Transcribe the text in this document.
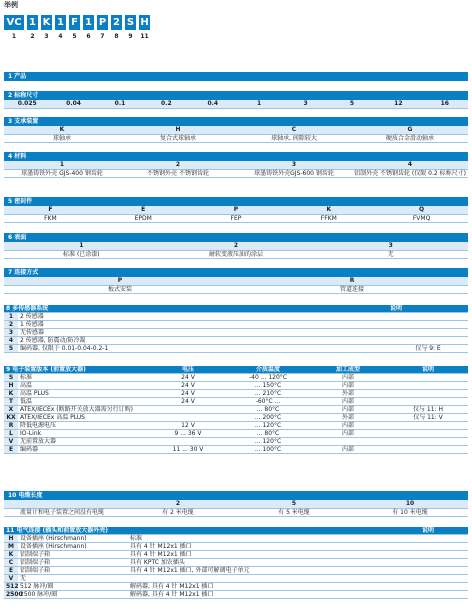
举例
VC
1
1
2
K
3
1
4
F
5
1
6
P
7
2
8
S
9
H
11
1 产品
2 标称尺寸
0.025	0.04	0.1	0.2	0.4	1	3	5	12	16
3 支承装置
K	H	C	G
球轴承	复合式球轴承	球轴承, 间隙较大	硬质合金滑动轴承
4 材料
1	2	3	4
球墨铸铁外壳 GJS-400 钢齿轮	不锈钢外壳 不锈钢齿轮	球墨铸铁外壳GJS-600 钢齿轮	铝制外壳 不锈钢齿轮 (仅限 0.2 标称尺寸)
5 密封件
F	E	P	K	Q
FKM	EPDM	FEP	FFKM	FVMQ
6 表面
1	2	3
标准 (已涂漆)	耐软变液压油的涂层	无
7 连接方式
P	R
板式安装	管道连接
8 多传感器系统		说明
1	2 传感器	
2	1 传感器	
3	无传感器	
4	2 传感器, 防震动/防冷凝	
5	编码器, 仅限于 0.01-0.04-0.2-1	仅与 9: E
9 电子装置版本 (前置放大器)		电压	介质温度	加工成型	说明
S	标准	24 V	-40 ... 120°C	内部	
H	高温	24 V	... 150°C	内部	
K	高温 PLUS	24 V	... 210°C	外部	
T	低温	24 V	-60°C ...	内部	
X	ATEX/IECEx (断路开关放大器需另行订购)		... 80°C	内部	仅与 11: H
KX	ATEX/IECEx 高温 PLUS		... 200°C	外部	仅与 11: V
R	降低电源电压	12 V	... 120°C	内部	
L	IO-Link	9 ... 36 V	... 80°C	内部	
V	无前置放大器		... 120°C		
E	编码器	11 ... 30 V	... 100°C	内部	
10 电缆长度
	2	5	10
流量计和电子装置之间没有电缆	有 2 米电缆	有 5 米电缆	有 10 米电缆
11 电气连接 (插头和前置放大器外壳)			说明
H	设备插座 (Hirschmann)	标准	
M	设备插座 (Hirschmann)	具有 4 针 M12x1 插口	
K	铝制端子箱	具有 4 针 M12x1 插口	
C	铝制端子箱	具有 KPTC 加农插头	
E	铝制端子箱	具有 4 针 M12x1 插口, 外部可解调电子单元	
V	无		
512	512 脉冲/圈	解码器, 具有 4 针 M12x1 插口	
2500	2500 脉冲/圈	解码器, 具有 4 针 M12x1 插口	
